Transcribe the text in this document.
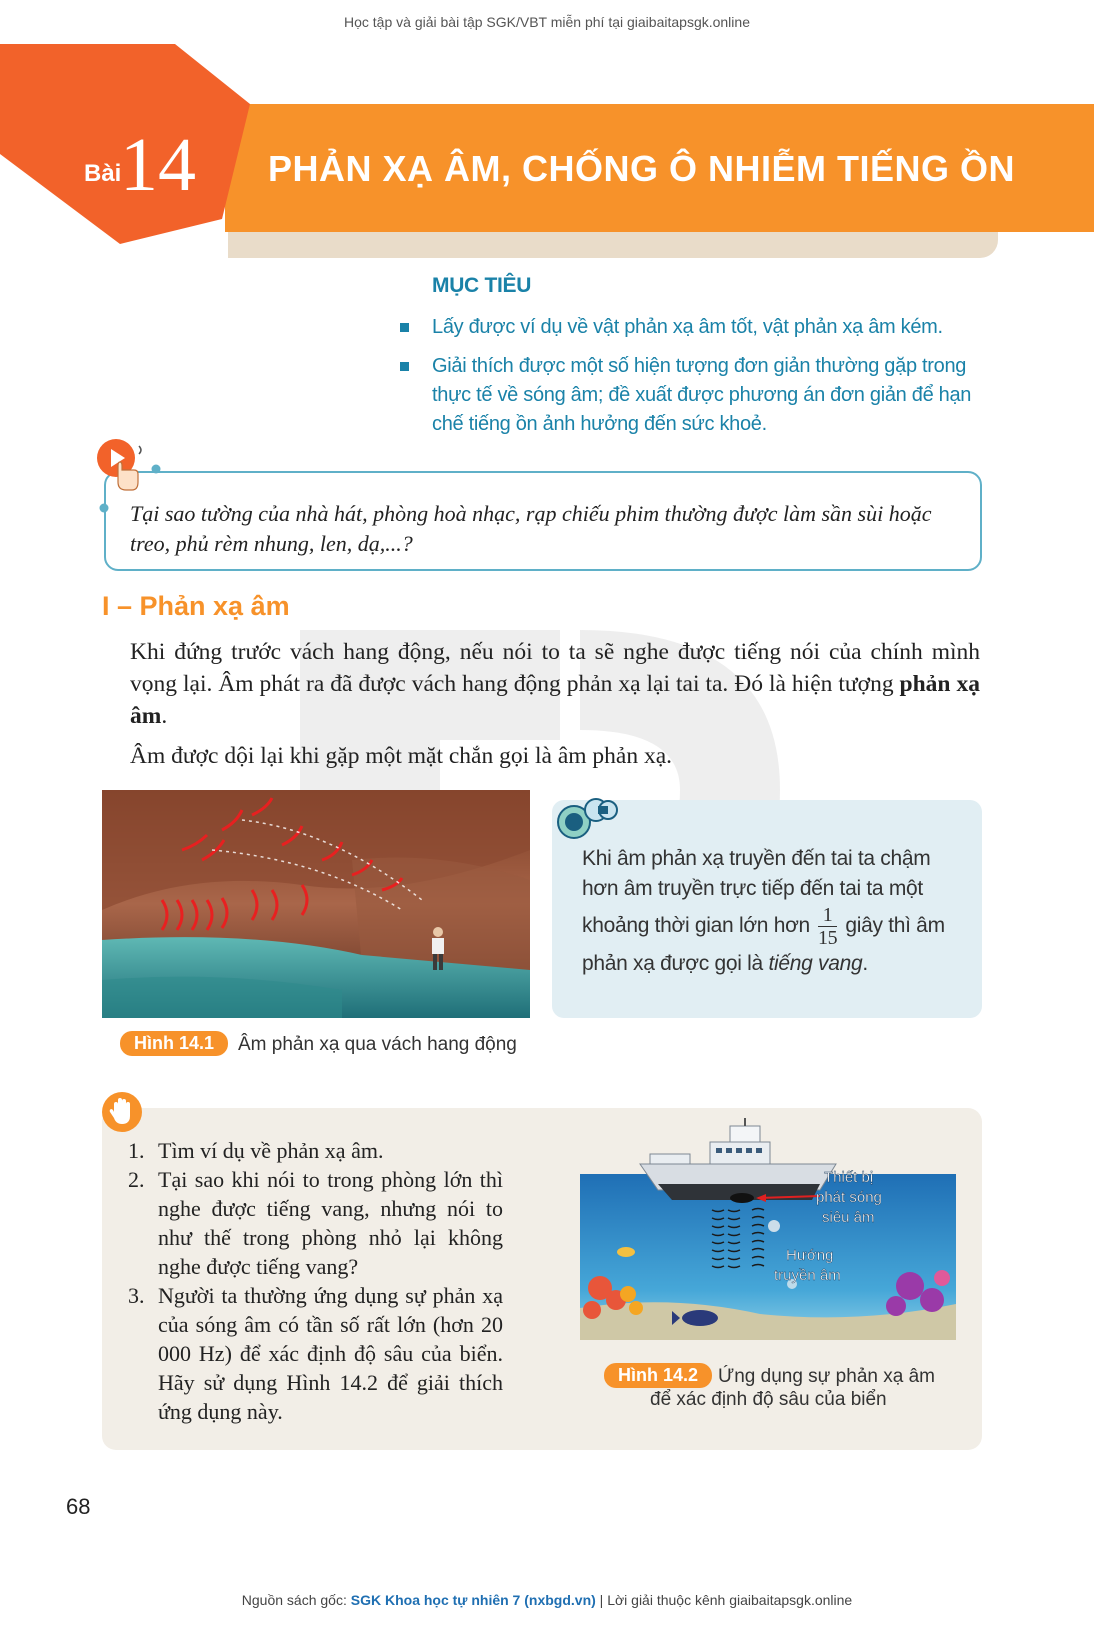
Học tập và giải bài tập SGK/VBT miễn phí tại giaibaitapsgk.online
Bài
14 PHẢN XẠ ÂM, CHỐNG Ô NHIỄM TIẾNG ỒN
MỤC TIÊU
Lấy được ví dụ về vật phản xạ âm tốt, vật phản xạ âm kém.
Giải thích được một số hiện tượng đơn giản thường gặp trong thực tế về sóng âm; đề xuất được phương án đơn giản để hạn chế tiếng ồn ảnh hưởng đến sức khoẻ.
Tại sao tường của nhà hát, phòng hoà nhạc, rạp chiếu phim thường được làm sần sùi hoặc treo, phủ rèm nhung, len, dạ,...?
I – Phản xạ âm
Khi đứng trước vách hang động, nếu nói to ta sẽ nghe được tiếng nói của chính mình vọng lại. Âm phát ra đã được vách hang động phản xạ lại tai ta. Đó là hiện tượng phản xạ âm.
Âm được dội lại khi gặp một mặt chắn gọi là âm phản xạ.
Hình 14.1	Âm phản xạ qua vách hang động
Khi âm phản xạ truyền đến tai ta chậm hơn âm truyền trực tiếp đến tai ta một khoảng thời gian lớn hơn $\frac{1}{15}$ giây thì âm phản xạ được gọi là tiếng vang.
1. Tìm ví dụ về phản xạ âm.
2. Tại sao khi nói to trong phòng lớn thì nghe được tiếng vang, nhưng nói to như thế trong phòng nhỏ lại không nghe được tiếng vang?
3. Người ta thường ứng dụng sự phản xạ của sóng âm có tần số rất lớn (hơn 20 000 Hz) để xác định độ sâu của biển. Hãy sử dụng Hình 14.2 để giải thích ứng dụng này.
Thiết bị
phát sóng
siêu âm
Hướng
truyền âm
Hình 14.2	Ứng dụng sự phản xạ âm
để xác định độ sâu của biển
68
Nguồn sách gốc: SGK Khoa học tự nhiên 7 (nxbgd.vn) | Lời giải thuộc kênh giaibaitapsgk.online
